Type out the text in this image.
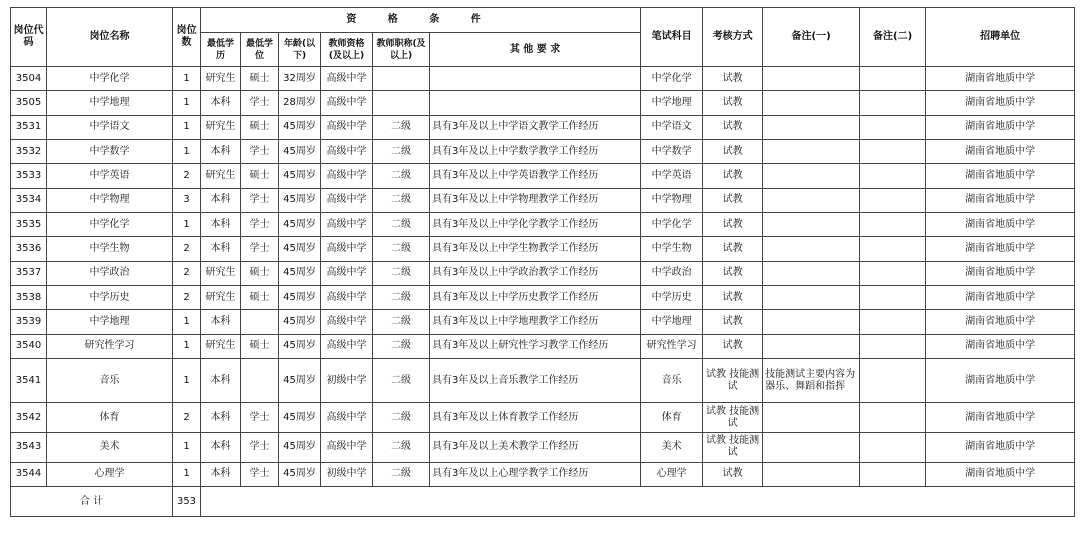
岗位代码	岗位名称	岗位数	资 格 条 件						笔试科目	考核方式	备注(一)	备注(二)	招聘单位
			最低学历	最低学位	年龄(以下)	教师资格(及以上)	教师职称(及以上)	其 他 要 求					
3504	中学化学	1	研究生	硕士	32周岁	高级中学			中学化学	试教			湖南省地质中学
3505	中学地理	1	本科	学士	28周岁	高级中学			中学地理	试教			湖南省地质中学
3531	中学语文	1	研究生	硕士	45周岁	高级中学	二级	具有3年及以上中学语文教学工作经历	中学语文	试教			湖南省地质中学
3532	中学数学	1	本科	学士	45周岁	高级中学	二级	具有3年及以上中学数学教学工作经历	中学数学	试教			湖南省地质中学
3533	中学英语	2	研究生	硕士	45周岁	高级中学	二级	具有3年及以上中学英语教学工作经历	中学英语	试教			湖南省地质中学
3534	中学物理	3	本科	学士	45周岁	高级中学	二级	具有3年及以上中学物理教学工作经历	中学物理	试教			湖南省地质中学
3535	中学化学	1	本科	学士	45周岁	高级中学	二级	具有3年及以上中学化学教学工作经历	中学化学	试教			湖南省地质中学
3536	中学生物	2	本科	学士	45周岁	高级中学	二级	具有3年及以上中学生物教学工作经历	中学生物	试教			湖南省地质中学
3537	中学政治	2	研究生	硕士	45周岁	高级中学	二级	具有3年及以上中学政治教学工作经历	中学政治	试教			湖南省地质中学
3538	中学历史	2	研究生	硕士	45周岁	高级中学	二级	具有3年及以上中学历史教学工作经历	中学历史	试教			湖南省地质中学
3539	中学地理	1	本科		45周岁	高级中学	二级	具有3年及以上中学地理教学工作经历	中学地理	试教			湖南省地质中学
3540	研究性学习	1	研究生	硕士	45周岁	高级中学	二级	具有3年及以上研究性学习教学工作经历	研究性学习	试教			湖南省地质中学
3541	音乐	1	本科		45周岁	初级中学	二级	具有3年及以上音乐教学工作经历	音乐	试教 技能测试	技能测试主要内容为器乐、舞蹈和指挥		湖南省地质中学
3542	体育	2	本科	学士	45周岁	高级中学	二级	具有3年及以上体育教学工作经历	体育	试教 技能测试			湖南省地质中学
3543	美术	1	本科	学士	45周岁	高级中学	二级	具有3年及以上美术教学工作经历	美术	试教 技能测试			湖南省地质中学
3544	心理学	1	本科	学士	45周岁	初级中学	二级	具有3年及以上心理学教学工作经历	心理学	试教			湖南省地质中学
合 计		353											
